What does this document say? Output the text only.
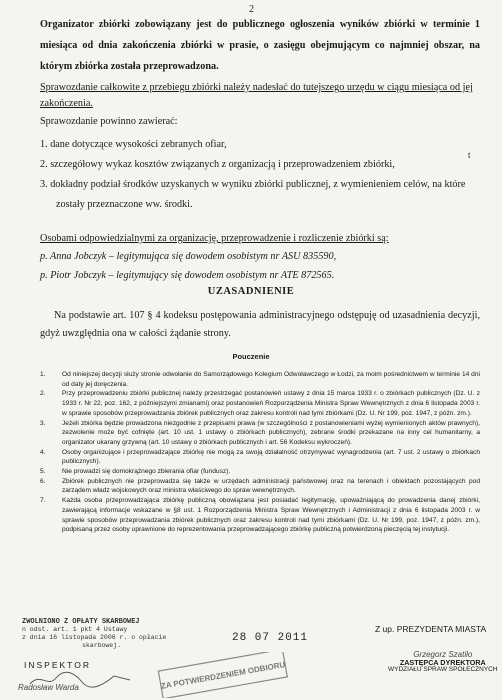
2
Organizator zbiórki zobowiązany jest do publicznego ogłoszenia wyników zbiórki w terminie 1 miesiąca od dnia zakończenia zbiórki w prasie, o zasięgu obejmującym co najmniej obszar, na którym zbiórka została przeprowadzona.
Sprawozdanie całkowite z przebiegu zbiórki należy nadesłać do tutejszego urzędu w ciągu miesiąca od jej zakończenia.
Sprawozdanie powinno zawierać:
1. dane dotyczące wysokości zebranych ofiar,
2. szczegółowy wykaz kosztów związanych z organizacją i przeprowadzeniem zbiórki,
3. dokładny podział środków uzyskanych w wyniku zbiórki publicznej, z wymienieniem celów, na które zostały przeznaczone ww. środki.
t
Osobami odpowiedzialnymi za organizację, przeprowadzenie i rozliczenie zbiórki są:
p. Anna Jobczyk – legitymująca się dowodem osobistym nr ASU 835590,
p. Piotr Jobczyk – legitymujący się dowodem osobistym nr ATE 872565.
UZASADNIENIE
Na podstawie art. 107 § 4 kodeksu postępowania administracyjnego odstępuję od uzasadnienia decyzji, gdyż uwzględnia ona w całości żądanie strony.
Pouczenie
1.	Od niniejszej decyzji służy stronie odwołanie do Samorządowego Kolegium Odwoławczego w Łodzi, za moim pośrednictwem w terminie 14 dni od daty jej doręczenia.
2.	Przy przeprowadzeniu zbiórki publicznej należy przestrzegać postanowień ustawy z dnia 15 marca 1933 r. o zbiórkach publicznych (Dz. U. z 1933 r. Nr 22, poz. 162, z późniejszymi zmianami) oraz postanowień Rozporządzenia Ministra Spraw Wewnętrznych z dnia 6 listopada 2003 r. w sprawie sposobów przeprowadzania zbiórek publicznych oraz zakresu kontroli nad tymi zbiórkami (Dz. U. Nr 199, poz. 1947, z późn. zm.).
3.	Jeżeli zbiórka będzie prowadzona niezgodnie z przepisami prawa (w szczególności z postanowieniami wyżej wymienionych aktów prawnych), zezwolenie może być cofnięte (art. 10 ust. 1 ustawy o zbiórkach publicznych), zebrane środki przekazane na inny cel humanitarny, a organizator ukarany grzywną (art. 10 ustawy o zbiórkach publicznych i art. 56 Kodeksu wykroczeń).
4.	Osoby organizujące i przeprowadzające zbiórkę nie mogą za swoją działalność otrzymywać wynagrodzenia (art. 7 ust. 2 ustawy o zbiórkach publicznych).
5.	Nie prowadzi się domokrążnego zbierania ofiar (fundusz).
6.	Zbiórek publicznych nie przeprowadza się także w urzędach administracji państwowej oraz na terenach i obiektach pozostających pod zarządem władz wojskowych oraz ministra właściwego do spraw wewnętrznych.
7.	Każda osoba przeprowadzająca zbiórkę publiczną obowiązana jest posiadać legitymację, upoważniającą do prowadzenia danej zbiórki, zawierającą informacje wskazane w §8 ust. 1 Rozporządzenia Ministra Spraw Wewnętrznych i Administracji z dnia 6 listopada 2003 r. w sprawie sposobów przeprowadzania zbiórek publicznych oraz zakresu kontroli nad tymi zbiórkami (Dz. U. Nr 199, poz. 1947, z późn. zm.), podpisaną przez osoby uprawnione do reprezentowania przeprowadzającego zbiórkę publiczną potwierdzoną pieczęcią tej instytucji.
ZWOLNIONO Z OPŁATY SKARBOWEJ
n odst. art. 1 pkt 4 Ustawy
z dnia 16 listopada 2006 r. o opłacie
skarbowej.
INSPEKTOR
Radosław Warda
28 07 2011
ZA POTWIERDZENIEM ODBIORU
Z up. PREZYDENTA MIASTA
Grzegorz Szatilo
ZASTĘPCA DYREKTORA
WYDZIAŁU SPRAW SPOŁECZNYCH
